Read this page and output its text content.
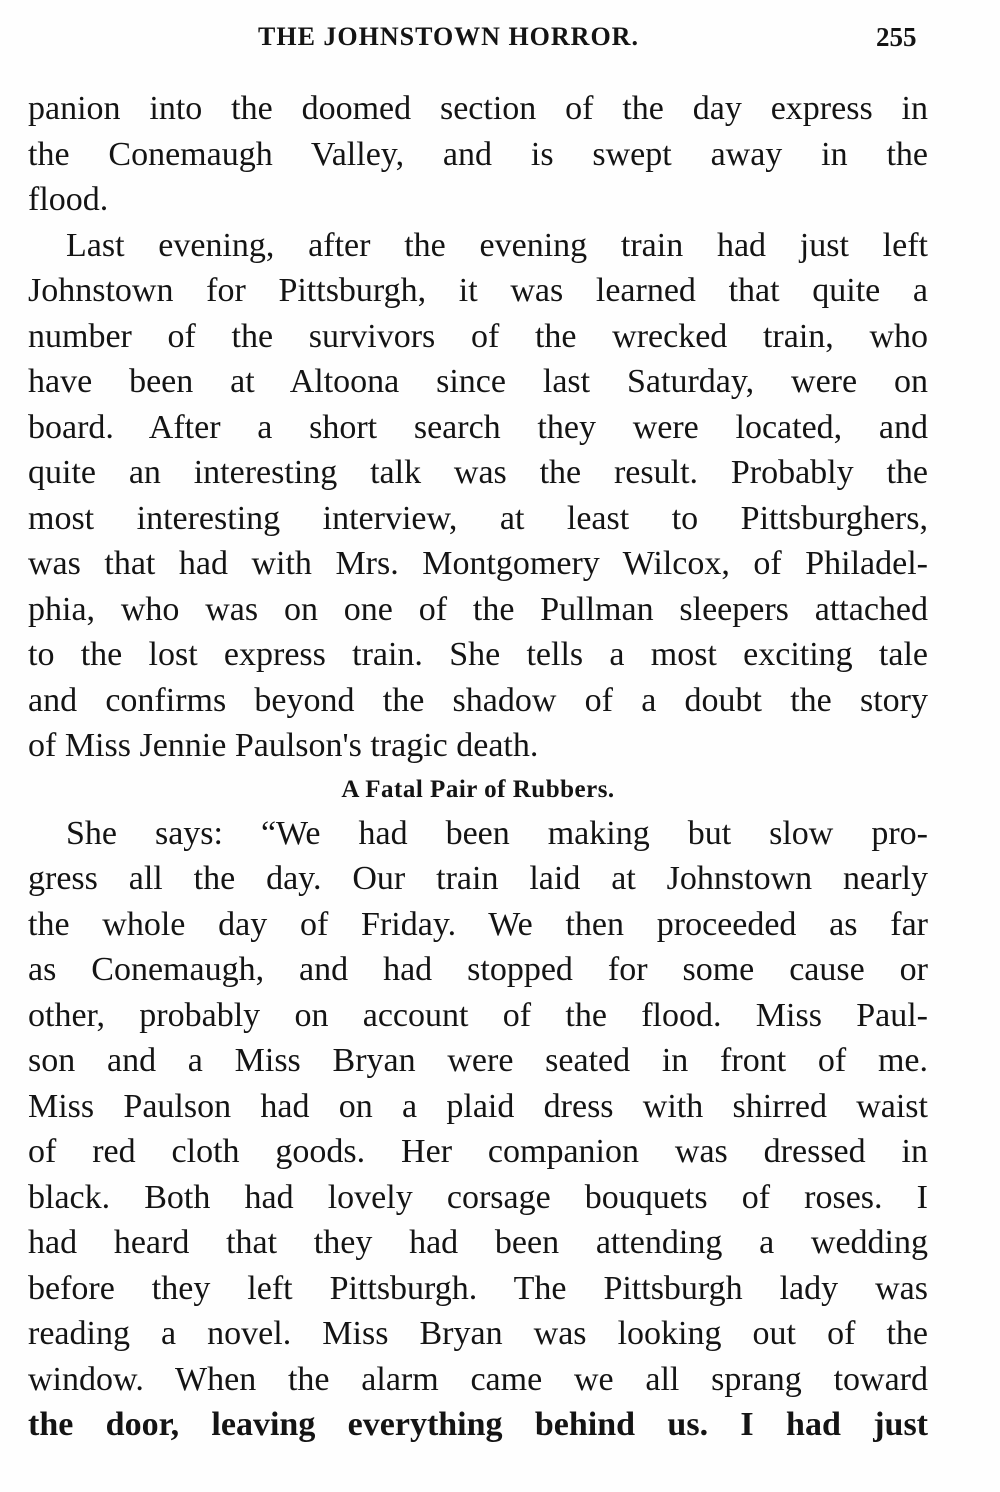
THE JOHNSTOWN HORROR.	255
panion into the doomed section of the day express in
the Conemaugh Valley, and is swept away in the
flood.
Last evening, after the evening train had just left
Johnstown for Pittsburgh, it was learned that quite a
number of the survivors of the wrecked train, who
have been at Altoona since last Saturday, were on
board. After a short search they were located, and
quite an interesting talk was the result. Probably the
most interesting interview, at least to Pittsburghers,
was that had with Mrs. Montgomery Wilcox, of Philadel-
phia, who was on one of the Pullman sleepers attached
to the lost express train. She tells a most exciting tale
and confirms beyond the shadow of a doubt the story
of Miss Jennie Paulson's tragic death.
A Fatal Pair of Rubbers.
She says: “We had been making but slow pro-
gress all the day. Our train laid at Johnstown nearly
the whole day of Friday. We then proceeded as far
as Conemaugh, and had stopped for some cause or
other, probably on account of the flood. Miss Paul-
son and a Miss Bryan were seated in front of me.
Miss Paulson had on a plaid dress with shirred waist
of red cloth goods. Her companion was dressed in
black. Both had lovely corsage bouquets of roses. I
had heard that they had been attending a wedding
before they left Pittsburgh. The Pittsburgh lady was
reading a novel. Miss Bryan was looking out of the
window. When the alarm came we all sprang toward
the door, leaving everything behind us. I had just
